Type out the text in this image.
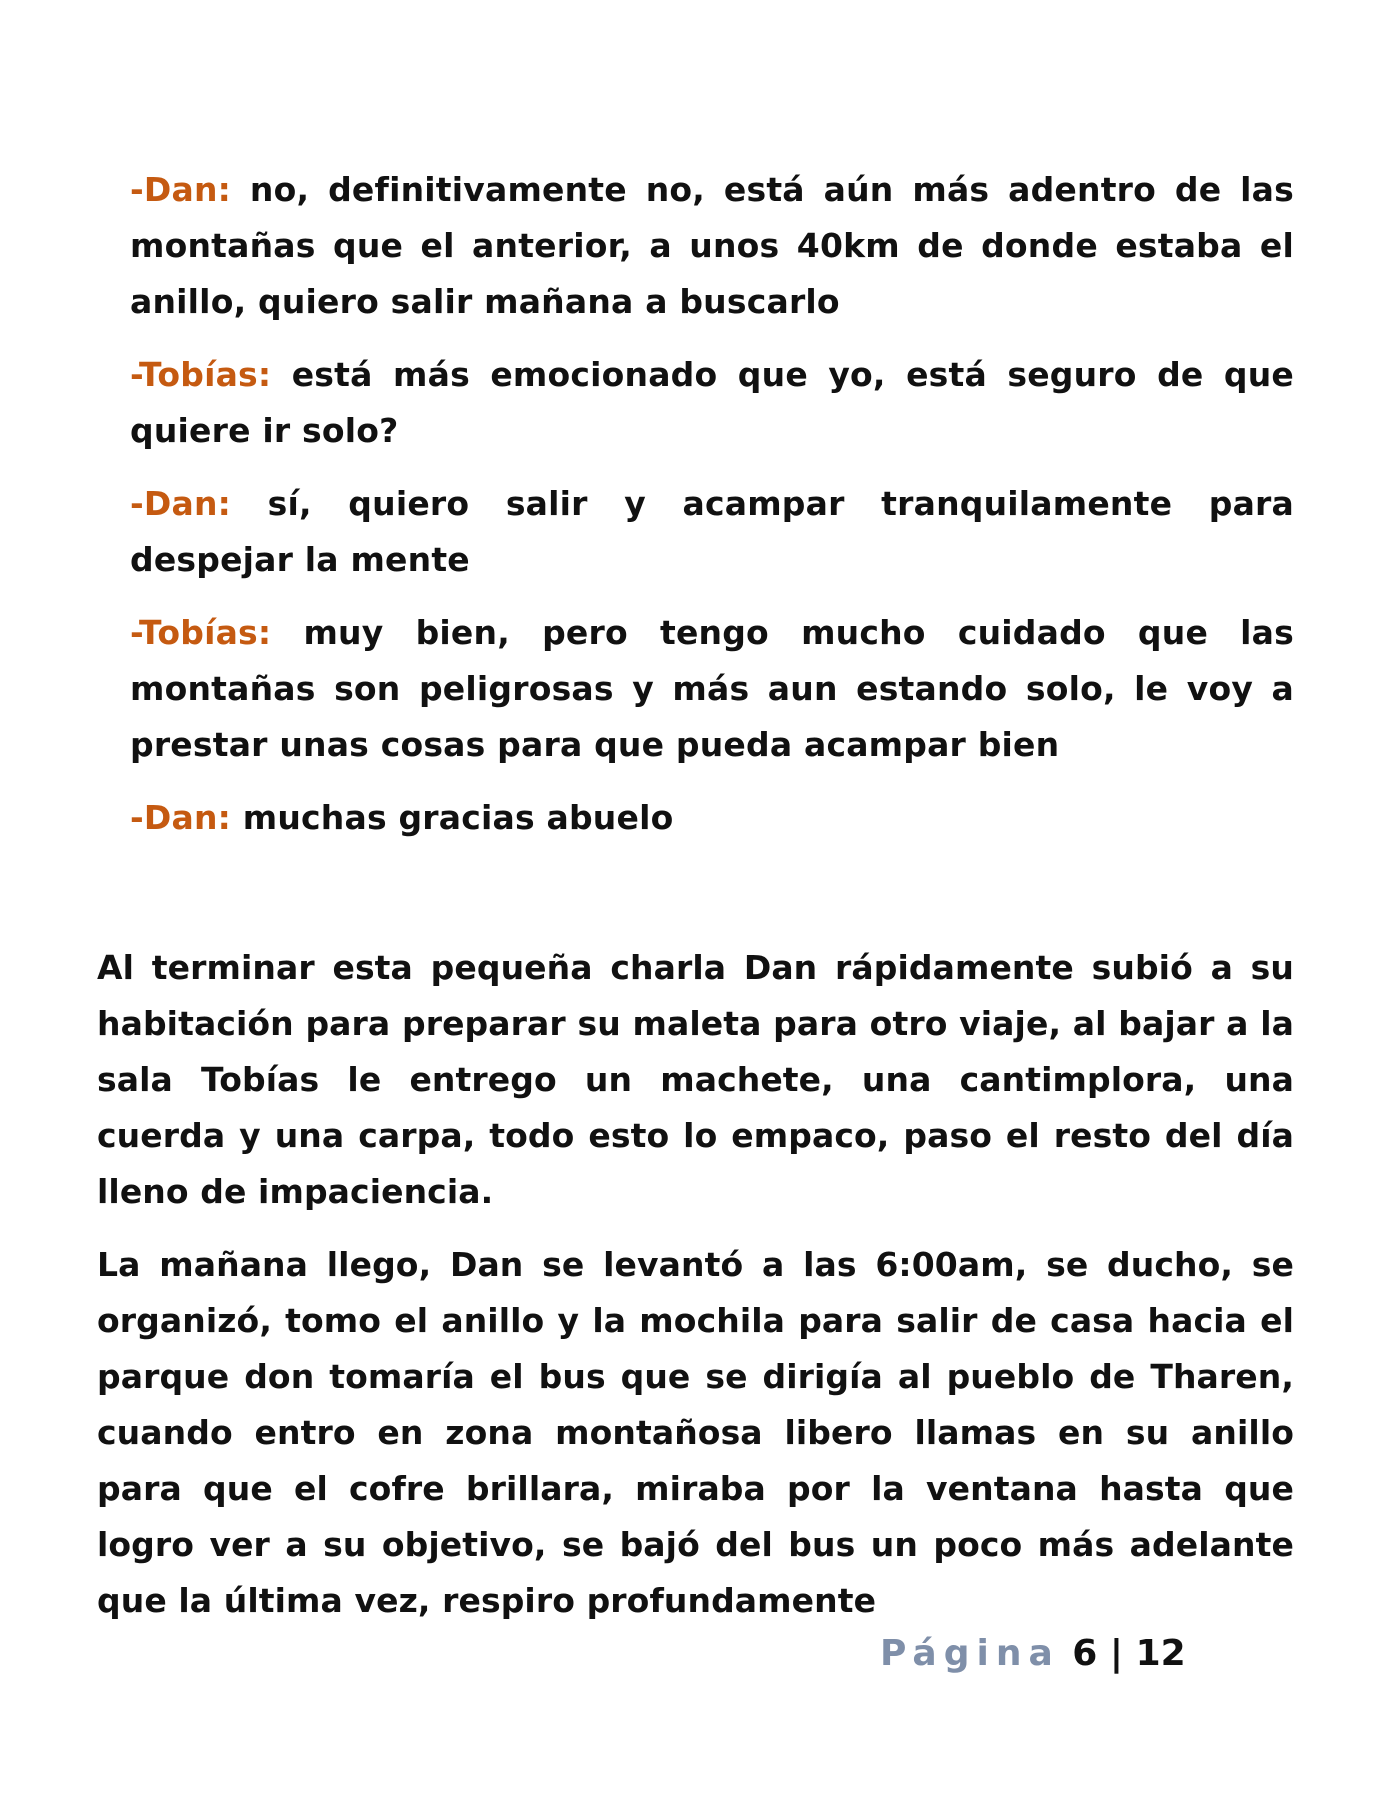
-Dan: no, definitivamente no, está aún más adentro de las montañas que el anterior, a unos 40km de donde estaba el anillo, quiero salir mañana a buscarlo

-Tobías: está más emocionado que yo, está seguro de que quiere ir solo?

-Dan: sí, quiero salir y acampar tranquilamente para despejar la mente

-Tobías: muy bien, pero tengo mucho cuidado que las montañas son peligrosas y más aun estando solo, le voy a prestar unas cosas para que pueda acampar bien

-Dan: muchas gracias abuelo

Al terminar esta pequeña charla Dan rápidamente subió a su habitación para preparar su maleta para otro viaje, al bajar a la sala Tobías le entrego un machete, una cantimplora, una cuerda y una carpa, todo esto lo empaco, paso el resto del día lleno de impaciencia.

La mañana llego, Dan se levantó a las 6:00am, se ducho, se organizó, tomo el anillo y la mochila para salir de casa hacia el parque don tomaría el bus que se dirigía al pueblo de Tharen, cuando entro en zona montañosa libero llamas en su anillo para que el cofre brillara, miraba por la ventana hasta que logro ver a su objetivo, se bajó del bus un poco más adelante que la última vez, respiro profundamente

Página 6 | 12
